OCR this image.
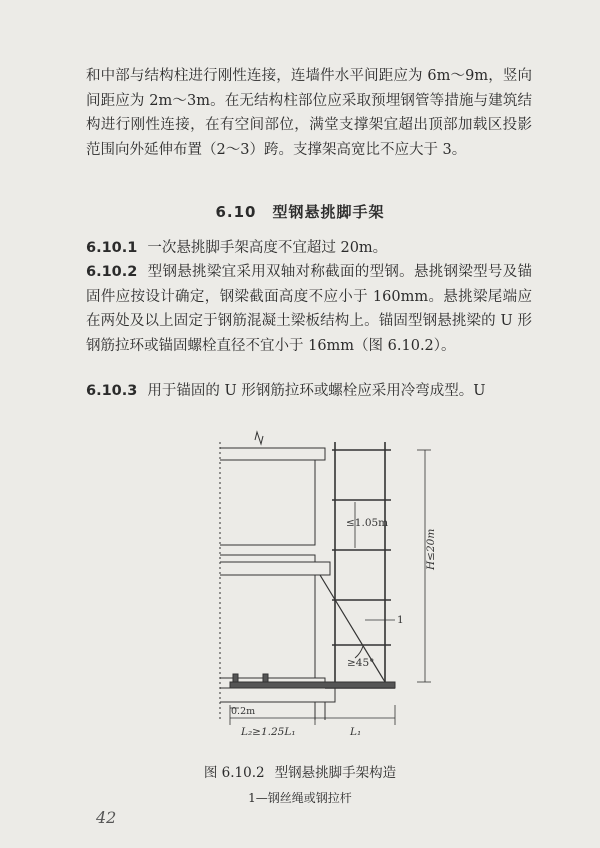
和中部与结构柱进行刚性连接，连墙件水平间距应为 6m～9m，竖向间距应为 2m～3m。在无结构柱部位应采取预埋钢管等措施与建筑结构进行刚性连接，在有空间部位，满堂支撑架宜超出顶部加载区投影范围向外延伸布置（2～3）跨。支撑架高宽比不应大于 3。

6.10　型钢悬挑脚手架

6.10.1 一次悬挑脚手架高度不宜超过 20m。

6.10.2 型钢悬挑梁宜采用双轴对称截面的型钢。悬挑钢梁型号及锚固件应按设计确定，钢梁截面高度不应小于 160mm。悬挑梁尾端应在两处及以上固定于钢筋混凝土梁板结构上。锚固型钢悬挑梁的 U 形钢筋拉环或锚固螺栓直径不宜小于 16mm（图 6.10.2）。

6.10.3 用于锚固的 U 形钢筋拉环或螺栓应采用冷弯成型。U

≤1.05m
H≤20m
≥45°
1
0.2m
L₂≥1.25L₁	L₁
图 6.10.2 型钢悬挑脚手架构造
1—钢丝绳或钢拉杆
42
